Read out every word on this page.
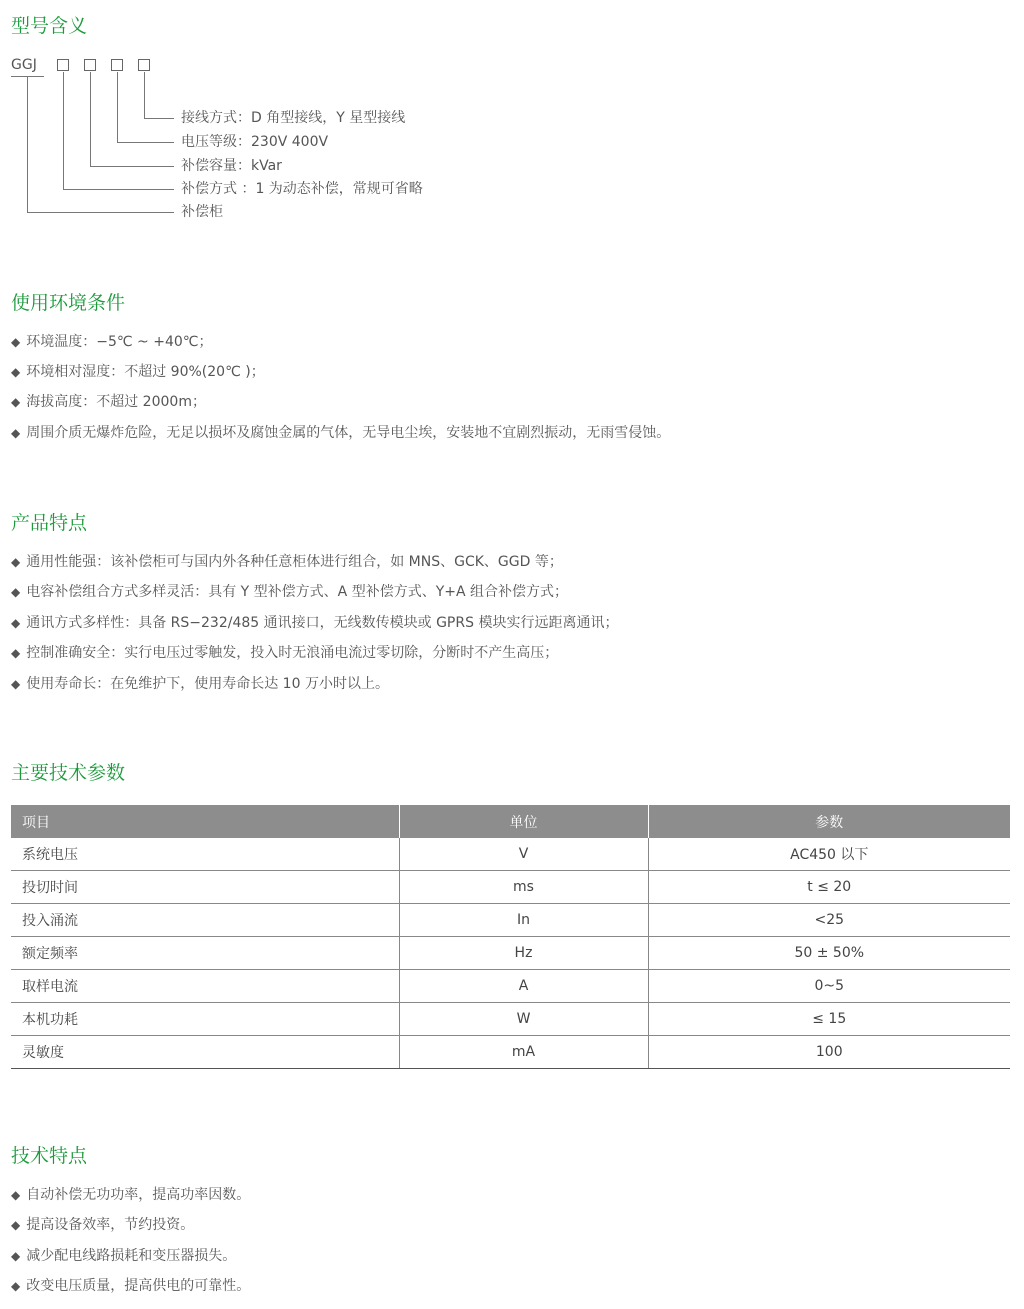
型号含义
GGJ
接线方式：D 角型接线，Y 星型接线
电压等级：230V 400V
补偿容量：kVar
补偿方式 ：1 为动态补偿，常规可省略
补偿柜
使用环境条件
◆ 环境温度：−5℃ ~ +40℃；
◆ 环境相对湿度：不超过 90%(20℃ )；
◆ 海拔高度：不超过 2000m；
◆ 周围介质无爆炸危险，无足以损坏及腐蚀金属的气体，无导电尘埃，安装地不宜剧烈振动，无雨雪侵蚀。
产品特点
◆ 通用性能强：该补偿柜可与国内外各种任意柜体进行组合，如 MNS、GCK、GGD 等；
◆ 电容补偿组合方式多样灵活：具有 Y 型补偿方式、A 型补偿方式、Y+A 组合补偿方式；
◆ 通讯方式多样性：具备 RS−232/485 通讯接口，无线数传模块或 GPRS 模块实行远距离通讯；
◆ 控制准确安全：实行电压过零触发，投入时无浪涌电流过零切除，分断时不产生高压；
◆ 使用寿命长：在免维护下，使用寿命长达 10 万小时以上。
主要技术参数
项目	单位	参数
系统电压	V	AC450 以下
投切时间	ms	t ≤ 20
投入涌流	In	<25
额定频率	Hz	50 ± 50%
取样电流	A	0~5
本机功耗	W	≤ 15
灵敏度	mA	100
技术特点
◆ 自动补偿无功功率，提高功率因数。
◆ 提高设备效率，节约投资。
◆ 减少配电线路损耗和变压器损失。
◆ 改变电压质量，提高供电的可靠性。
